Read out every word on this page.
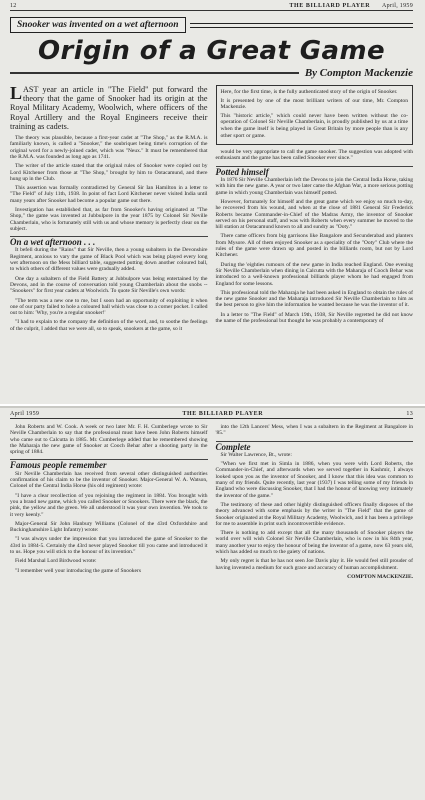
12	THE BILLIARD PLAYER April, 1959
Snooker was invented on a wet afternoon
Origin of a Great Game
By Compton Mackenzie

LAST year an article in "The Field" put forward the theory that the game of Snooker had its origin at the Royal Military Academy, Woolwich, where officers of the Royal Artillery and the Royal Engineers receive their training as cadets.

The theory was plausible, because a first-year cadet at "The Shop," as the R.M.A. is familiarly known, is called a "Snooker," the soubriquet being time's corruption of the original word for a newly-joined cadet, which was "Neux." It must be remembered that the R.M.A. was founded as long ago as 1741.

The writer of the article stated that the original rules of Snooker were copied out by Lord Kitchener from those at "The Shop," brought by him to Ootacamund, and there hung up in the Club.

This assertion was formally contradicted by General Sir Ian Hamilton in a letter to "The Field" of July 11th, 1938. In point of fact Lord Kitchener never visited India until many years after Snooker had become a popular game out there.

Investigation has established that, as far from Snooker's having originated at "The Shop," the game was invented at Jubbulpore in the year 1875 by Colonel Sir Neville Chamberlain, who is fortunately still with us and whose memory is perfectly clear on the subject.

On a wet afternoon . . .

It befell during the "Rains" that Sir Neville, then a young subaltern in the Devonshire Regiment, anxious to vary the game of Black Pool which was being played every long wet afternoon on the Mess billiard table, suggested putting down another coloured ball, to which others of different values were gradually added.

One day a subaltern of the Field Battery at Jubbulpore was being entertained by the Devons, and in the course of conversation told young Chamberlain about the snobs -- "Snookers" for first year cadets at Woolwich. To quote Sir Neville's own words:

"The term was a new one to me, but I soon had an opportunity of exploiting it when one of our party failed to hole a coloured ball which was close to a corner pocket. I called out to him: 'Why, you're a regular snooker!'

"I had to explain to the company the definition of the word, and, to soothe the feelings of the culprit, I added that we were all, so to speak, snookers at the game, so it

Here, for the first time, is the fully authenticated story of the origin of Snooker.

It is presented by one of the most brilliant writers of our time, Mr. Compton Mackenzie.

This "historic article," which could never have been written without the co-operation of Colonel Sir Neville Chamberlain, is proudly published by us at a time when the game itself is being played in Great Britain by more people than is any other sport or game.

would be very appropriate to call the game snooker. The suggestion was adopted with enthusiasm and the game has been called Snooker ever since."

Potted himself

In 1876 Sir Neville Chamberlain left the Devons to join the Central India Horse, taking with him the new game. A year or two later came the Afghan War, a more serious potting game in which young Chamberlain was himself potted.

However, fortunately for himself and the great game which we enjoy so much to-day, he recovered from his wound, and when at the close of 1881 General Sir Frederick Roberts became Commander-in-Chief of the Madras Army, the inventor of Snooker served on his personal staff, and was with Roberts when every summer he moved to the hill station at Ootacamund known to all and sundry as "Ooty."

There came officers from big garrisons like Bangalore and Secunderabad and planters from Mysore. All of them enjoyed Snooker as a speciality of the "Ooty" Club where the rules of the game were drawn up and posted in the billiards room, but not by Lord Kitchener.

During the 'eighties rumours of the new game in India reached England. One evening Sir Neville Chamberlain when dining in Calcutta with the Maharaja of Cooch Behar was introduced to a well-known professional billiards player whom he had engaged from England for some lessons.

This professional told the Maharaja he had been asked in England to obtain the rules of the new game Snooker and the Maharaja introduced Sir Neville Chamberlain to him as the best person to give him the information he wanted because he was the inventor of it.

In a letter to "The Field" of March 19th, 1938, Sir Neville regretted he did not know the name of the professional but thought he was probably a contemporary of

April 1959	THE BILLIARD PLAYER	13

John Roberts and W. Cook. A week or two later Mr. F. H. Cumberlege wrote to Sir Neville Chamberlain to say that the professional must have been John Roberts himself who came out to Calcutta in 1885. Mr. Cumberlege added that he remembered showing the Maharaja the new game of Snooker at Cooch Behar after a shooting party in the spring of 1884.

Famous people remember

Sir Neville Chamberlain has received from several other distinguished authorities confirmation of his claim to be the inventor of Snooker. Major-General W. A. Watson, Colonel of the Central India Horse (his old regiment) wrote:

"I have a clear recollection of you rejoining the regiment in 1884. You brought with you a brand new game, which you called Snooker or Snookers. There were the black, the pink, the yellow and the green. We all understood it was your own invention. We took to it very keenly."

Major-General Sir John Hanbury Williams (Colonel of the 43rd Oxfordshire and Buckinghamshire Light Infantry) wrote:

"I was always under the impression that you introduced the game of Snooker to the 43rd in 1884-5. Certainly the 43rd never played Snooker till you came and introduced it to us. Hope you will stick to the honour of its invention."

Field Marshal Lord Birdwood wrote:

"I remember well your introducing the game of Snookers

into the 12th Lancers' Mess, when I was a subaltern in the Regiment at Bangalore in '85."

Complete

Sir Walter Lawrence, Bt., wrote:

"When we first met in Simla in 1886, when you were with Lord Roberts, the Commander-in-Chief, and afterwards when we served together in Kashmir, I always looked upon you as the inventor of Snooker, and I know that this idea was common to many of my friends. Quite recently, last year (1937) I was telling some of my friends in England who were discussing Snooker, that I had the honour of knowing very intimately the inventor of the game."

The testimony of these and other highly distinguished officers finally disposes of the theory advanced with some emphasis by the writer in "The Field" that the game of Snooker originated at the Royal Military Academy, Woolwich, and it has been a privilege for me to assemble in print such incontrovertible evidence.

There is nothing to add except that all the many thousands of Snooker players the world over will wish Colonel Sir Neville Chamberlain, who is now in his 84th year, many another year to enjoy the honour of being the inventor of a game, now 63 years old, which has added so much to the gaiety of nations.

My only regret is that he has not seen Joe Davis play it. He would feel still prouder of having invented a medium for such grace and accuracy of human accomplishment.

COMPTON MACKENZIE.
